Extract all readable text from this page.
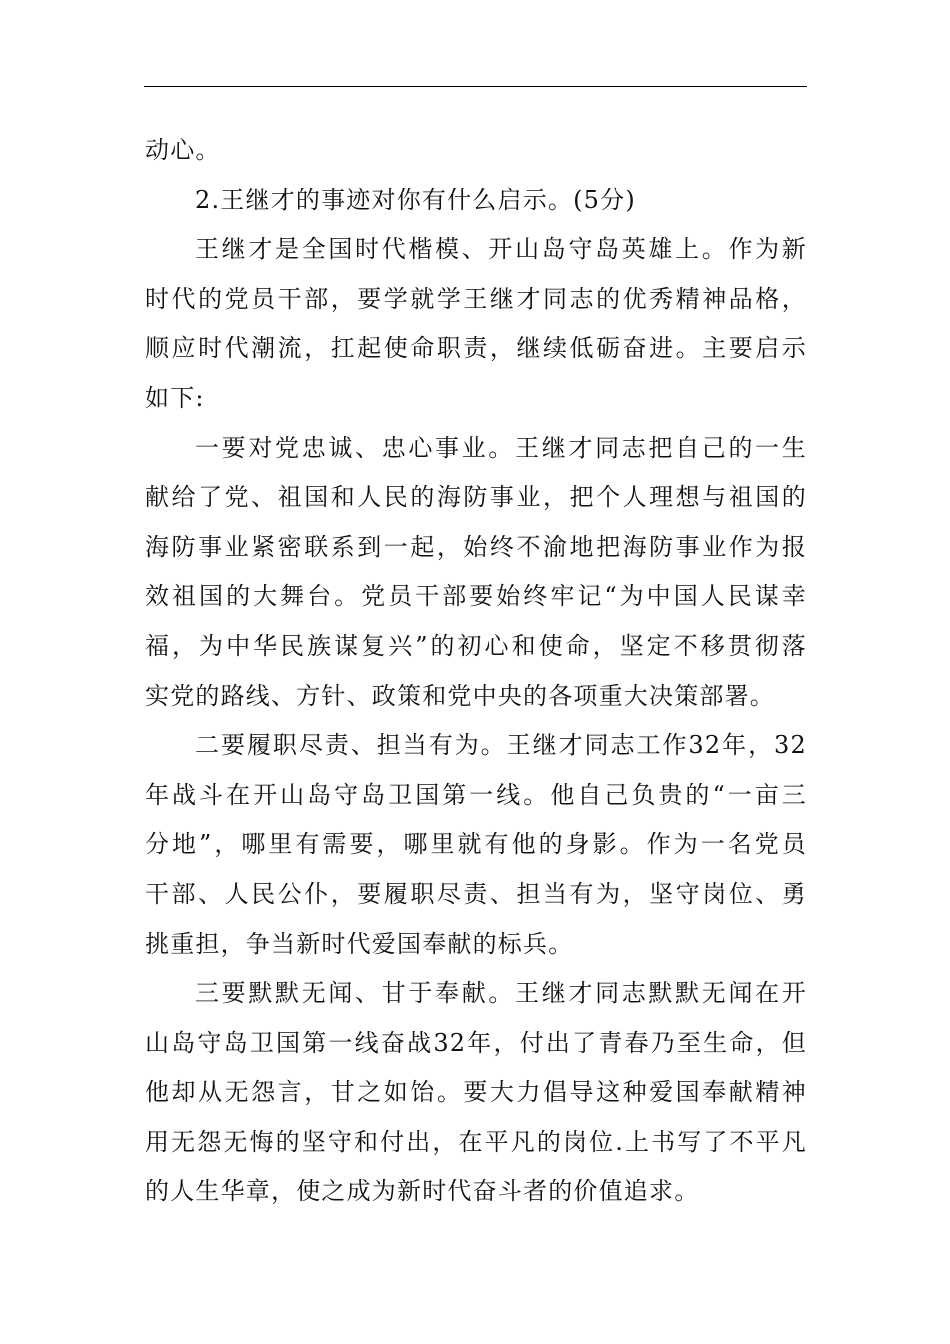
动心。
2.王继才的事迹对你有什么启示。(5分)
王继才是全国时代楷模、开山岛守岛英雄上。作为新
时代的党员干部，要学就学王继才同志的优秀精神品格，
顺应时代潮流，扛起使命职责，继续低砺奋进。主要启示
如下:
一要对党忠诚、忠心事业。王继才同志把自己的一生
献给了党、祖国和人民的海防事业，把个人理想与祖国的
海防事业紧密联系到一起，始终不渝地把海防事业作为报
效祖国的大舞台。党员干部要始终牢记“为中国人民谋幸
福，为中华民族谋复兴”的初心和使命，坚定不移贯彻落
实党的路线、方针、政策和党中央的各项重大决策部署。
二要履职尽责、担当有为。王继才同志工作32年，32
年战斗在开山岛守岛卫国第一线。他自己负贵的“一亩三
分地”，哪里有需要，哪里就有他的身影。作为一名党员
干部、人民公仆，要履职尽责、担当有为，坚守岗位、勇
挑重担，争当新时代爱国奉献的标兵。
三要默默无闻、甘于奉献。王继才同志默默无闻在开
山岛守岛卫国第一线奋战32年，付出了青春乃至生命，但
他却从无怨言，甘之如饴。要大力倡导这种爱国奉献精神
用无怨无悔的坚守和付出，在平凡的岗位.上书写了不平凡
的人生华章，使之成为新时代奋斗者的价值追求。
